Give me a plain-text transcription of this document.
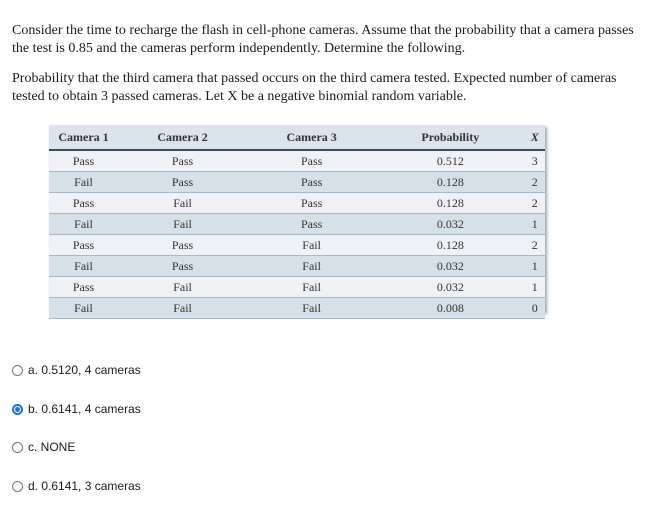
Consider the time to recharge the flash in cell-phone cameras. Assume that the probability that a camera passes the test is 0.85 and the cameras perform independently. Determine the following.

Probability that the third camera that passed occurs on the third camera tested. Expected number of cameras tested to obtain 3 passed cameras. Let X be a negative binomial random variable.

Camera 1	Camera 2	Camera 3	Probability	X
Pass	Pass	Pass	0.512	3
Fail	Pass	Pass	0.128	2
Pass	Fail	Pass	0.128	2
Fail	Fail	Pass	0.032	1
Pass	Pass	Fail	0.128	2
Fail	Pass	Fail	0.032	1
Pass	Fail	Fail	0.032	1
Fail	Fail	Fail	0.008	0
a. 0.5120, 4 cameras
b. 0.6141, 4 cameras
c. NONE
d. 0.6141, 3 cameras
